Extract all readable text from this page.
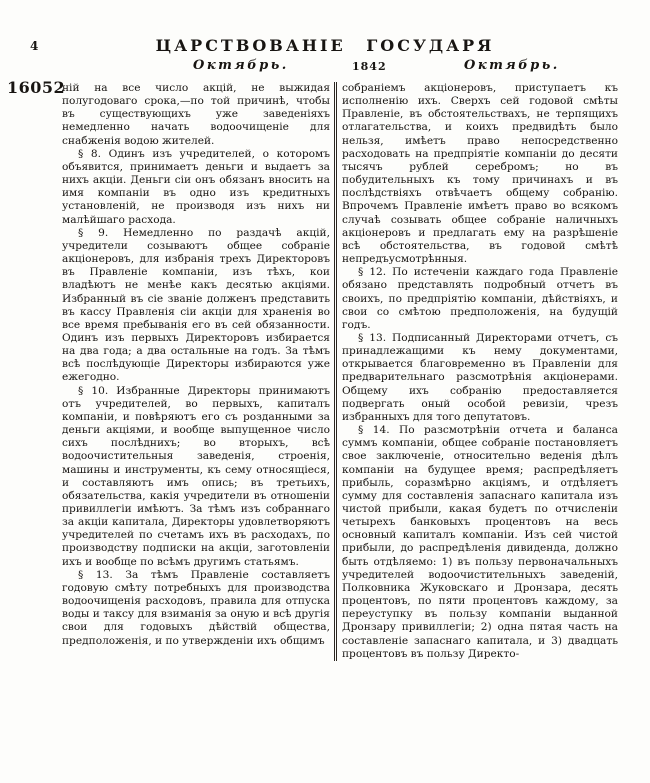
4	ЦАРСТВОВАНІЕ ГОСУДАРЯ
Октябрь.	1842	Октябрь.
16052

ній на все число акцій, не выжидая полугодоваго срока,—по той причинѣ, чтобы въ существующихъ уже заведеніяхъ немедленно начать водоочищеніе для снабженія водою жителей.

§ 8. Одинъ изъ учредителей, о которомъ объявится, принимаетъ деньги и выдаетъ за нихъ акціи. Деньги сіи онъ обязанъ вносить на имя компаніи въ одно изъ кредитныхъ установленій, не производя изъ нихъ ни малѣйшаго расхода.

§ 9. Немедленно по раздачѣ акцій, учредители созываютъ общее собраніе акціонеровъ, для избранія трехъ Директоровъ въ Правленіе компаніи, изъ тѣхъ, кои владѣютъ не менѣе какъ десятью акціями. Избранный въ сіе званіе долженъ представить въ кассу Правленія сіи акціи для храненія во все время пребыванія его въ сей обязанности. Одинъ изъ первыхъ Директоровъ избирается на два года; а два остальные на годъ. За тѣмъ всѣ послѣдующіе Директоры избираются уже ежегодно.

§ 10. Избранные Директоры принимаютъ отъ учредителей, во первыхъ, капиталъ компаніи, и повѣряютъ его съ розданными за деньги акціями, и вообще выпущенное число сихъ послѣднихъ; во вторыхъ, всѣ водоочистительныя заведенія, строенія, машины и инструменты, къ сему относящіеся, и составляютъ имъ опись; въ третьихъ, обязательства, какія учредители въ отношеніи привиллегіи имѣютъ. За тѣмъ изъ собраннаго за акціи капитала, Директоры удовлетворяютъ учредителей по счетамъ ихъ въ расходахъ, по производству подписки на акціи, заготовленіи ихъ и вообще по всѣмъ другимъ статьямъ.

§ 13. За тѣмъ Правленіе составляетъ годовую смѣту потребныхъ для производства водоочищенія расходовъ, правила для отпуска воды и таксу для взиманія за оную и всѣ другія свои для годовыхъ дѣйствій общества, предположенія, и по утвержденіи ихъ общимъ

собраніемъ акціонеровъ, приступаетъ къ исполненію ихъ. Сверхъ сей годовой смѣты Правленіе, въ обстоятельствахъ, не терпящихъ отлагательства, и коихъ предвидѣть было нельзя, имѣетъ право непосредственно расходовать на предпріятіе компаніи до десяти тысячъ рублей серебромъ; но въ побудительныхъ къ тому причинахъ и въ послѣдствіяхъ отвѣчаетъ общему собранію. Впрочемъ Правленіе имѣетъ право во всякомъ случаѣ созывать общее собраніе наличныхъ акціонеровъ и предлагать ему на разрѣшеніе всѣ обстоятельства, въ годовой смѣтѣ непредъусмотрѣнныя.

§ 12. По истеченіи каждаго года Правленіе обязано представлять подробный отчетъ въ своихъ, по предпріятію компаніи, дѣйствіяхъ, и свои со смѣтою предположенія, на будущій годъ.

§ 13. Подписанный Директорами отчетъ, съ принадлежащими къ нему документами, открывается благовременно въ Правленіи для предварительнаго разсмотрѣнія акціонерами. Общему ихъ собранію предоставляется подвергать оный особой ревизіи, чрезъ избранныхъ для того депутатовъ.

§ 14. По разсмотрѣніи отчета и баланса суммъ компаніи, общее собраніе постановляетъ свое заключеніе, относительно веденія дѣлъ компаніи на будущее время; распредѣляетъ прибыль, соразмѣрно акціямъ, и отдѣляетъ сумму для составленія запаснаго капитала изъ чистой прибыли, какая будетъ по отчисленіи четырехъ банковыхъ процентовъ на весь основный капиталъ компаніи. Изъ сей чистой прибыли, до распредѣленія дивиденда, должно быть отдѣляемо: 1) въ пользу первоначальныхъ учредителей водоочистительныхъ заведеній, Полковника Жуковскаго и Дронзара, десять процентовъ, по пяти процентовъ каждому, за переуступку въ пользу компаніи выданной Дронзару привиллегіи; 2) одна пятая часть на составленіе запаснаго капитала, и 3) двадцать процентовъ въ пользу Директо-
